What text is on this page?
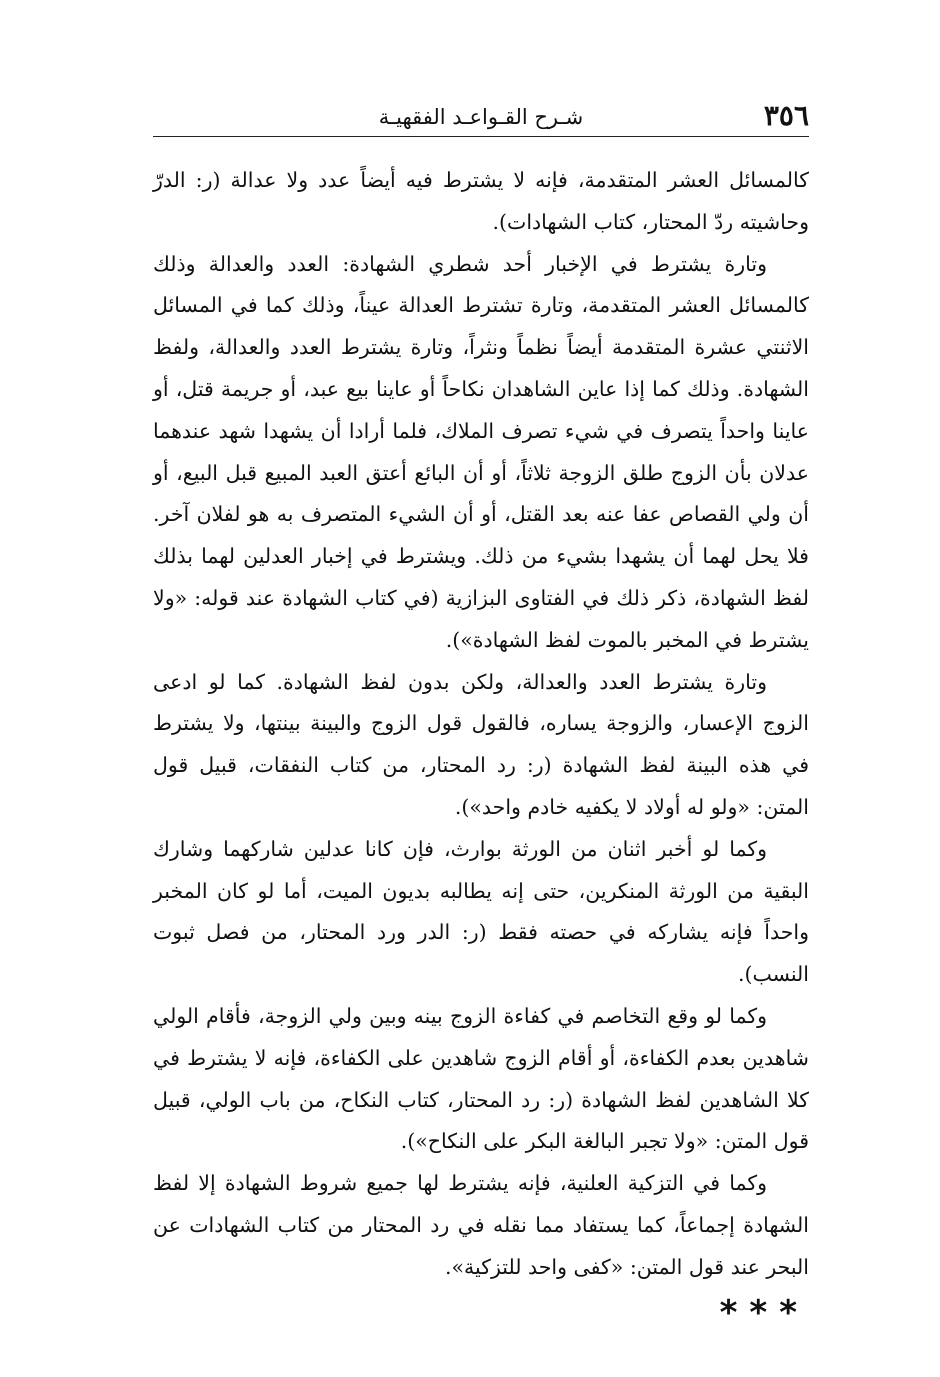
٣٥٦
شـرح القـواعـد الفقهيـة

كالمسائل العشر المتقدمة، فإنه لا يشترط فيه أيضاً عدد ولا عدالة (ر: الدرّ وحاشيته ردّ المحتار، كتاب الشهادات).

وتارة يشترط في الإخبار أحد شطري الشهادة: العدد والعدالة وذلك كالمسائل العشر المتقدمة، وتارة تشترط العدالة عيناً، وذلك كما في المسائل الاثنتي عشرة المتقدمة أيضاً نظماً ونثراً، وتارة يشترط العدد والعدالة، ولفظ الشهادة. وذلك كما إذا عاين الشاهدان نكاحاً أو عاينا بيع عبد، أو جريمة قتل، أو عاينا واحداً يتصرف في شيء تصرف الملاك، فلما أرادا أن يشهدا شهد عندهما عدلان بأن الزوج طلق الزوجة ثلاثاً، أو أن البائع أعتق العبد المبيع قبل البيع، أو أن ولي القصاص عفا عنه بعد القتل، أو أن الشيء المتصرف به هو لفلان آخر. فلا يحل لهما أن يشهدا بشيء من ذلك. ويشترط في إخبار العدلين لهما بذلك لفظ الشهادة، ذكر ذلك في الفتاوى البزازية (في كتاب الشهادة عند قوله: «ولا يشترط في المخبر بالموت لفظ الشهادة»).

وتارة يشترط العدد والعدالة، ولكن بدون لفظ الشهادة. كما لو ادعى الزوج الإعسار، والزوجة يساره، فالقول قول الزوج والبينة بينتها، ولا يشترط في هذه البينة لفظ الشهادة (ر: رد المحتار، من كتاب النفقات، قبيل قول المتن: «ولو له أولاد لا يكفيه خادم واحد»).

وكما لو أخبر اثنان من الورثة بوارث، فإن كانا عدلين شاركهما وشارك البقية من الورثة المنكرين، حتى إنه يطالبه بديون الميت، أما لو كان المخبر واحداً فإنه يشاركه في حصته فقط (ر: الدر ورد المحتار، من فصل ثبوت النسب).

وكما لو وقع التخاصم في كفاءة الزوج بينه وبين ولي الزوجة، فأقام الولي شاهدين بعدم الكفاءة، أو أقام الزوج شاهدين على الكفاءة، فإنه لا يشترط في كلا الشاهدين لفظ الشهادة (ر: رد المحتار، كتاب النكاح، من باب الولي، قبيل قول المتن: «ولا تجبر البالغة البكر على النكاح»).

وكما في التزكية العلنية، فإنه يشترط لها جميع شروط الشهادة إلا لفظ الشهادة إجماعاً، كما يستفاد مما نقله في رد المحتار من كتاب الشهادات عن البحر عند قول المتن: «كفى واحد للتزكية».

***
